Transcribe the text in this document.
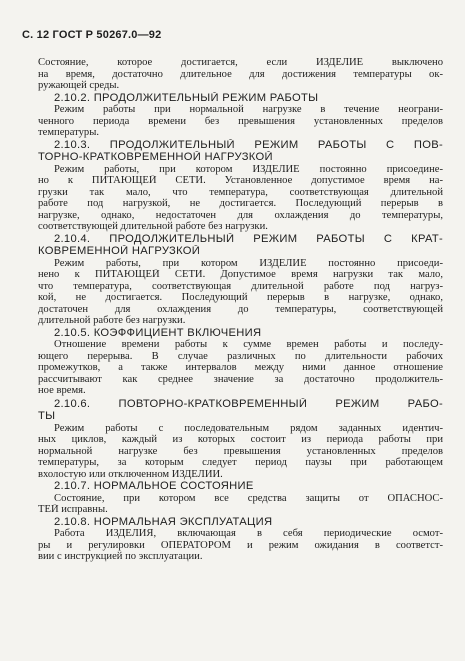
С. 12 ГОСТ Р 50267.0—92
Состояние, которое достигается, если ИЗДЕЛИЕ выключено
на время, достаточно длительное для достижения температуры ок-
ружающей среды.
2.10.2. ПРОДОЛЖИТЕЛЬНЫЙ РЕЖИМ РАБОТЫ
Режим работы при нормальной нагрузке в течение неограни-
ченного периода времени без превышения установленных пределов
температуры.
2.10.3. ПРОДОЛЖИТЕЛЬНЫЙ РЕЖИМ РАБОТЫ С ПОВ-
ТОРНО-КРАТКОВРЕМЕННОЙ НАГРУЗКОЙ
Режим работы, при котором ИЗДЕЛИЕ постоянно присоедине-
но к ПИТАЮЩЕЙ СЕТИ. Установленное допустимое время на-
грузки так мало, что температура, соответствующая длительной
работе под нагрузкой, не достигается. Последующий перерыв в
нагрузке, однако, недостаточен для охлаждения до температуры,
соответствующей длительной работе без нагрузки.
2.10.4. ПРОДОЛЖИТЕЛЬНЫЙ РЕЖИМ РАБОТЫ С КРАТ-
КОВРЕМЕННОЙ НАГРУЗКОЙ
Режим работы, при котором ИЗДЕЛИЕ постоянно присоеди-
нено к ПИТАЮЩЕЙ СЕТИ. Допустимое время нагрузки так мало,
что температура, соответствующая длительной работе под нагруз-
кой, не достигается. Последующий перерыв в нагрузке, однако,
достаточен для охлаждения до температуры, соответствующей
длительной работе без нагрузки.
2.10.5. КОЭФФИЦИЕНТ ВКЛЮЧЕНИЯ
Отношение времени работы к сумме времен работы и последу-
ющего перерыва. В случае различных по длительности рабочих
промежутков, а также интервалов между ними данное отношение
рассчитывают как среднее значение за достаточно продолжитель-
ное время.
2.10.6. ПОВТОРНО-КРАТКОВРЕМЕННЫЙ РЕЖИМ РАБО-
ТЫ
Режим работы с последовательным рядом заданных идентич-
ных циклов, каждый из которых состоит из периода работы при
нормальной нагрузке без превышения установленных пределов
температуры, за которым следует период паузы при работающем
вхолостую или отключенном ИЗДЕЛИИ.
2.10.7. НОРМАЛЬНОЕ СОСТОЯНИЕ
Состояние, при котором все средства защиты от ОПАСНОС-
ТЕЙ исправны.
2.10.8. НОРМАЛЬНАЯ ЭКСПЛУАТАЦИЯ
Работа ИЗДЕЛИЯ, включающая в себя периодические осмот-
ры и регулировки ОПЕРАТОРОМ и режим ожидания в соответст-
вии с инструкцией по эксплуатации.
